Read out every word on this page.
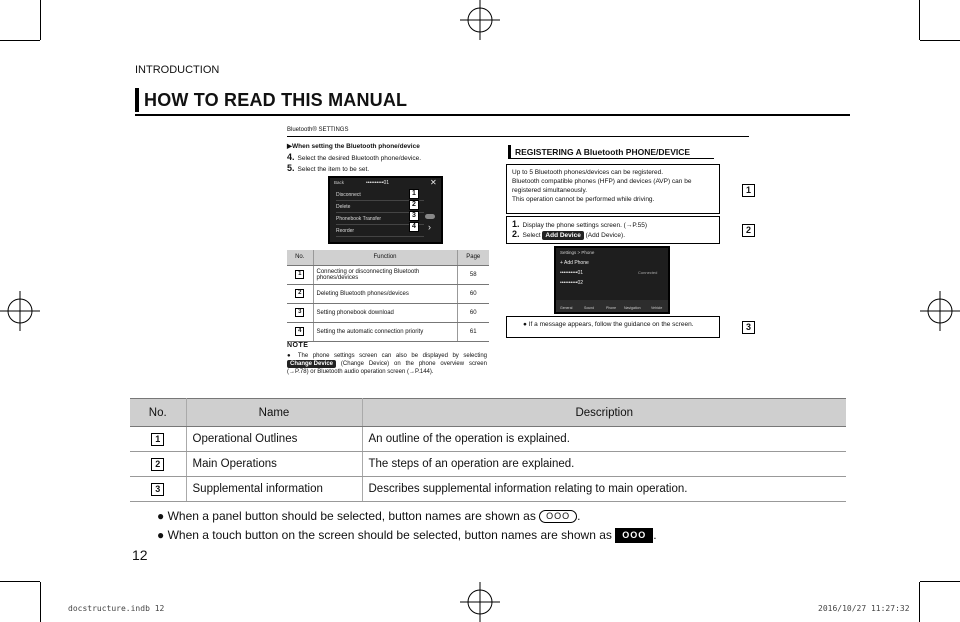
INTRODUCTION
HOW TO READ THIS MANUAL
Bluetooth® SETTINGS
▶When setting the Bluetooth phone/device
4. Select the desired Bluetooth phone/device.
5. Select the item to be set.
Back	••••••••••01	✕
Disconnect
Delete
Phonebook Transfer
Reorder	›
1
2
3
4
No.	Function	Page
1	Connecting or disconnecting Bluetooth phones/devices	58
2	Deleting Bluetooth phones/devices	60
3	Setting phonebook download	60
4	Setting the automatic connection priority	61
NOTE
● The phone settings screen can also be displayed by selecting Change Device (Change Device) on the phone overview screen (→P.78) or Bluetooth audio operation screen (→P.144).
REGISTERING A Bluetooth PHONE/DEVICE
Up to 5 Bluetooth phones/devices can be registered.
Bluetooth compatible phones (HFP) and devices (AVP) can be registered simultaneously.
This operation cannot be performed while driving.
1. Display the phone settings screen. (→P.55)
2. Select Add Device (Add Device).
Settings > Phone
+ Add Phone
••••••••••01	Connected
••••••••••02
General	Sound	Phone Navigation	Vehicle
● If a message appears, follow the guidance on the screen.
1
2
3
No.	Name	Description
1	Operational Outlines	An outline of the operation is explained.
2	Main Operations	The steps of an operation are explained.
3	Supplemental information	Describes supplemental information relating to main operation.
● When a panel button should be selected, button names are shown as OOO .
● When a touch button on the screen should be selected, button names are shown as OOO .
12
docstructure.indb 12	2016/10/27 11:27:32
